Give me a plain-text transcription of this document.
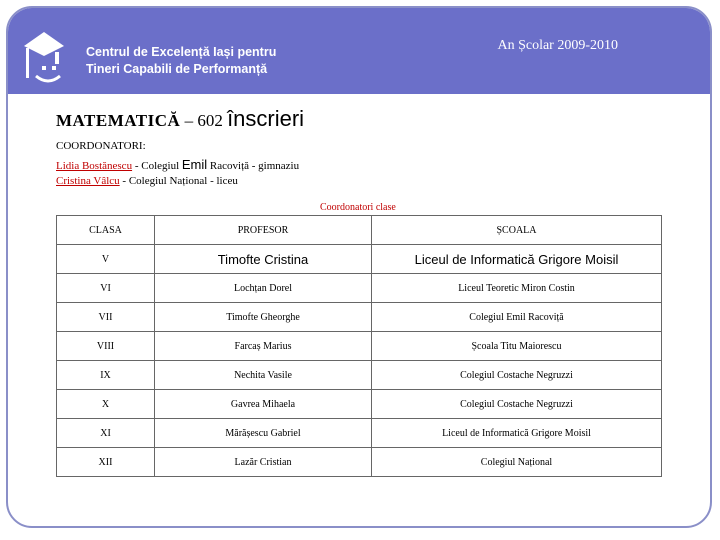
Centrul de Excelență Iași pentru
Tineri Capabili de Performanță
An Școlar 2009-2010
MATEMATICĂ – 602 înscrieri
COORDONATORI:
Lidia Bostănescu - Colegiul Emil Racoviță - gimnaziu
Cristina Vâlcu - Colegiul Național - liceu
Coordonatori clase
CLASA	PROFESOR	ȘCOALA
V	Timofte Cristina	Liceul de Informatică Grigore Moisil
VI	Lochțan Dorel	Liceul Teoretic Miron Costin
VII	Timofte Gheorghe	Colegiul Emil Racoviță
VIII	Farcaș Marius	Școala Titu Maiorescu
IX	Nechita Vasile	Colegiul Costache Negruzzi
X	Gavrea Mihaela	Colegiul Costache Negruzzi
XI	Mărășescu Gabriel	Liceul de Informatică Grigore Moisil
XII	Lazăr Cristian	Colegiul Național
